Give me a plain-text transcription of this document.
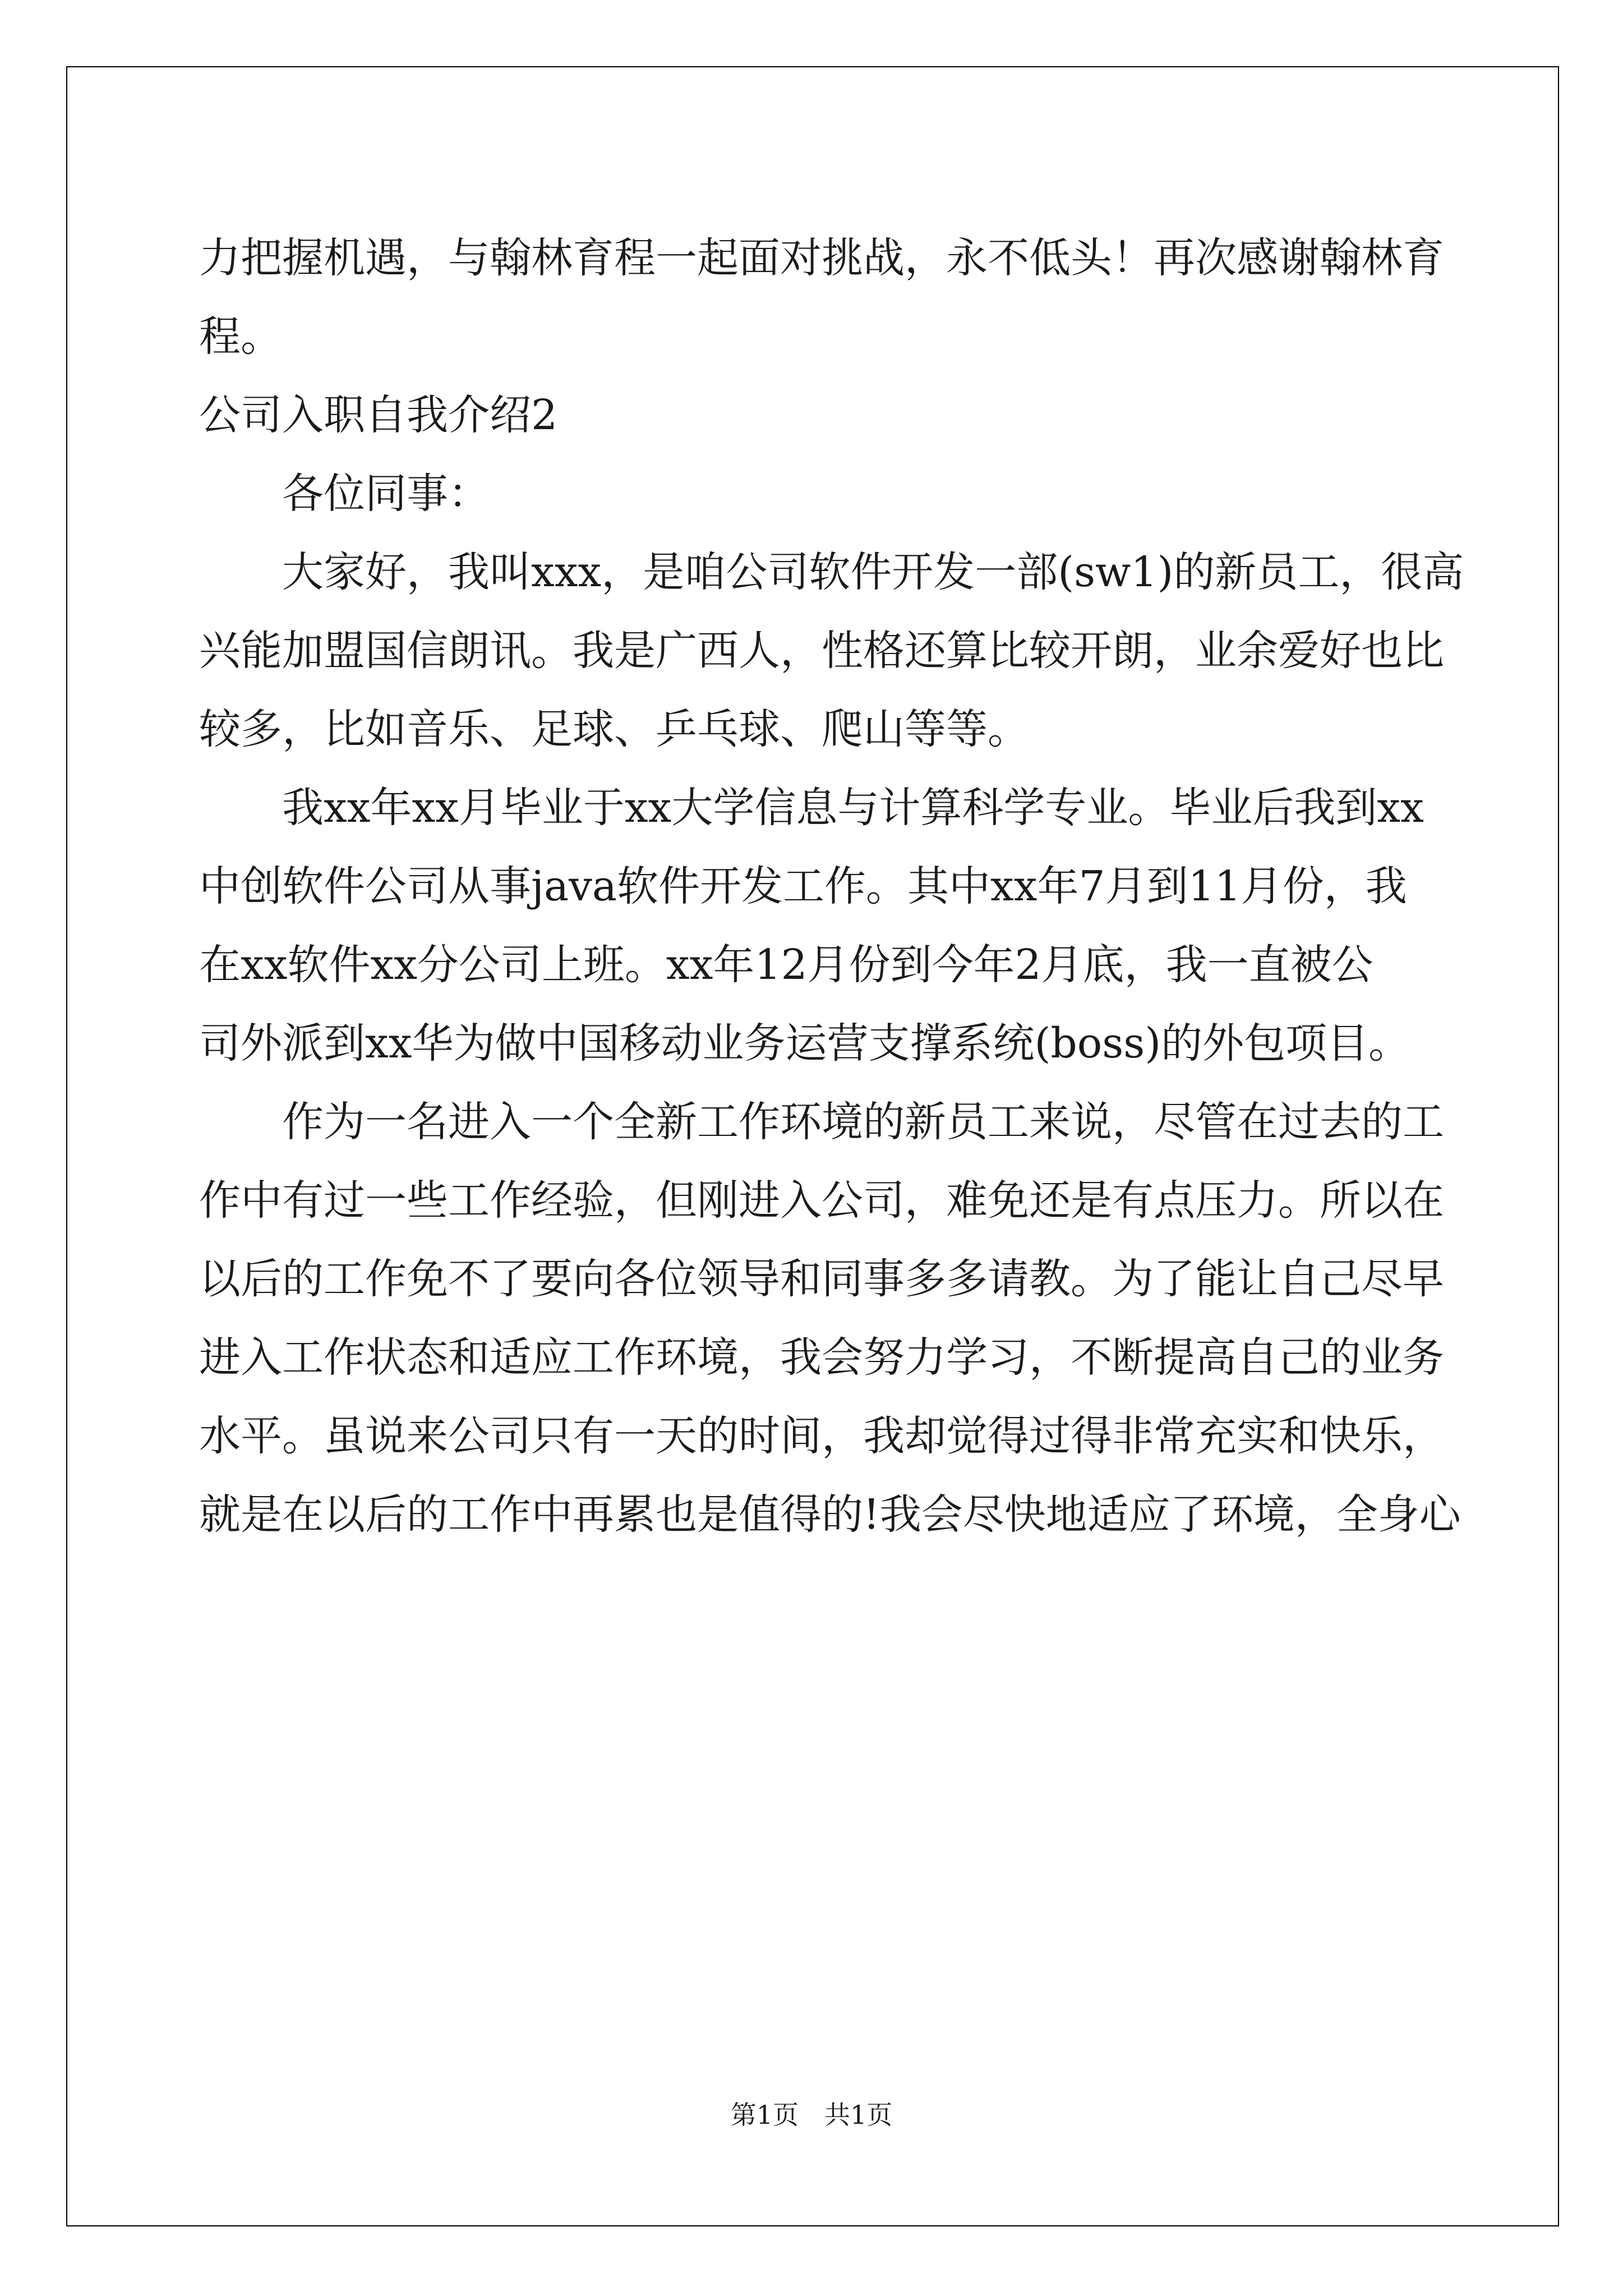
力把握机遇，与翰林育程一起面对挑战，永不低头！再次感谢翰林育
程。
公司入职自我介绍2
　　各位同事：
　　大家好，我叫xxx，是咱公司软件开发一部(sw1)的新员工，很高
兴能加盟国信朗讯。我是广西人，性格还算比较开朗，业余爱好也比
较多，比如音乐、足球、乒乓球、爬山等等。
　　我xx年xx月毕业于xx大学信息与计算科学专业。毕业后我到xx
中创软件公司从事java软件开发工作。其中xx年7月到11月份，我
在xx软件xx分公司上班。xx年12月份到今年2月底，我一直被公
司外派到xx华为做中国移动业务运营支撑系统(boss)的外包项目。
　　作为一名进入一个全新工作环境的新员工来说，尽管在过去的工
作中有过一些工作经验，但刚进入公司，难免还是有点压力。所以在
以后的工作免不了要向各位领导和同事多多请教。为了能让自己尽早
进入工作状态和适应工作环境，我会努力学习，不断提高自己的业务
水平。虽说来公司只有一天的时间，我却觉得过得非常充实和快乐，
就是在以后的工作中再累也是值得的!我会尽快地适应了环境，全身心
第1页　共1页
